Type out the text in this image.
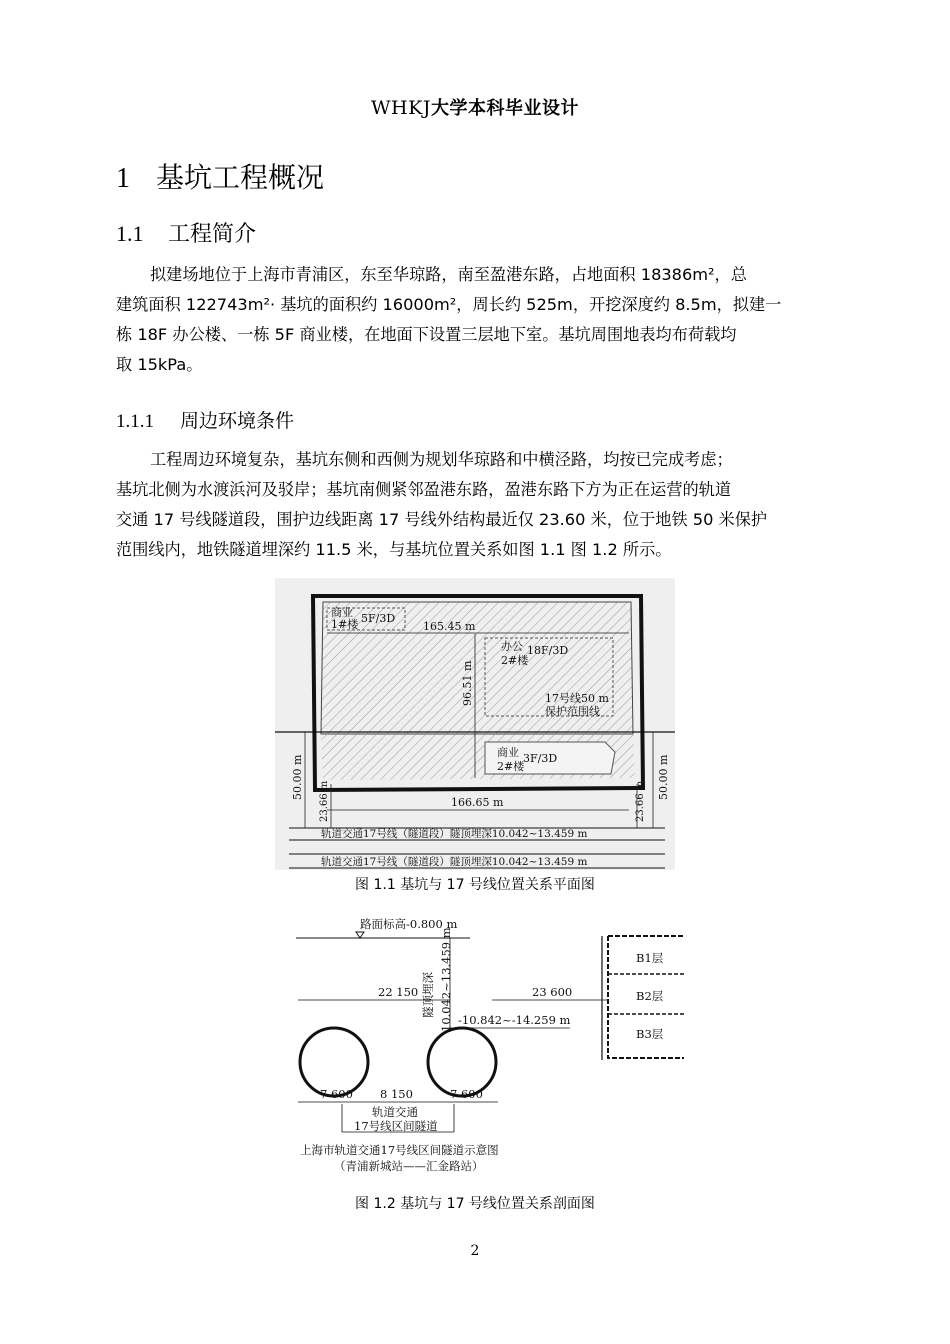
WHKJ大学本科毕业设计
1 基坑工程概况
1.1 工程简介
拟建场地位于上海市青浦区，东至华琼路，南至盈港东路，占地面积 18386m²，总
建筑面积 122743m²· 基坑的面积约 16000m²，周长约 525m，开挖深度约 8.5m，拟建一
栋 18F 办公楼、一栋 5F 商业楼，在地面下设置三层地下室。基坑周围地表均布荷载均
取 15kPa。
1.1.1 周边环境条件
工程周边环境复杂，基坑东侧和西侧为规划华琼路和中横泾路，均按已完成考虑；
基坑北侧为水渡浜河及驳岸；基坑南侧紧邻盈港东路，盈港东路下方为正在运营的轨道
交通 17 号线隧道段，围护边线距离 17 号线外结构最近仅 23.60 米，位于地铁 50 米保护
范围线内，地铁隧道埋深约 11.5 米，与基坑位置关系如图 1.1 图 1.2 所示。
商业
1#楼 5F/3D
165.45 m
办公
2#楼
18F/3D
96.51 m	17号线50 m
保护范围线
商业
2#楼
3F/3D
50.00 m	50.00 m
23.66 m	23.66 m
166.65 m
轨道交通17号线（隧道段）隧顶埋深10.042~13.459 m
轨道交通17号线（隧道段）隧顶埋深10.042~13.459 m
图 1.1 基坑与 17 号线位置关系平面图
路面标高-0.800 m
隧顶埋深 10.042~13.459 m
22 150	23 600
-10.842~-14.259 m
B1层
B2层
B3层
7 600 8 150	7 600
轨道交通
17号线区间隧道
上海市轨道交通17号线区间隧道示意图
（青浦新城站——汇金路站）
图 1.2 基坑与 17 号线位置关系剖面图
2
